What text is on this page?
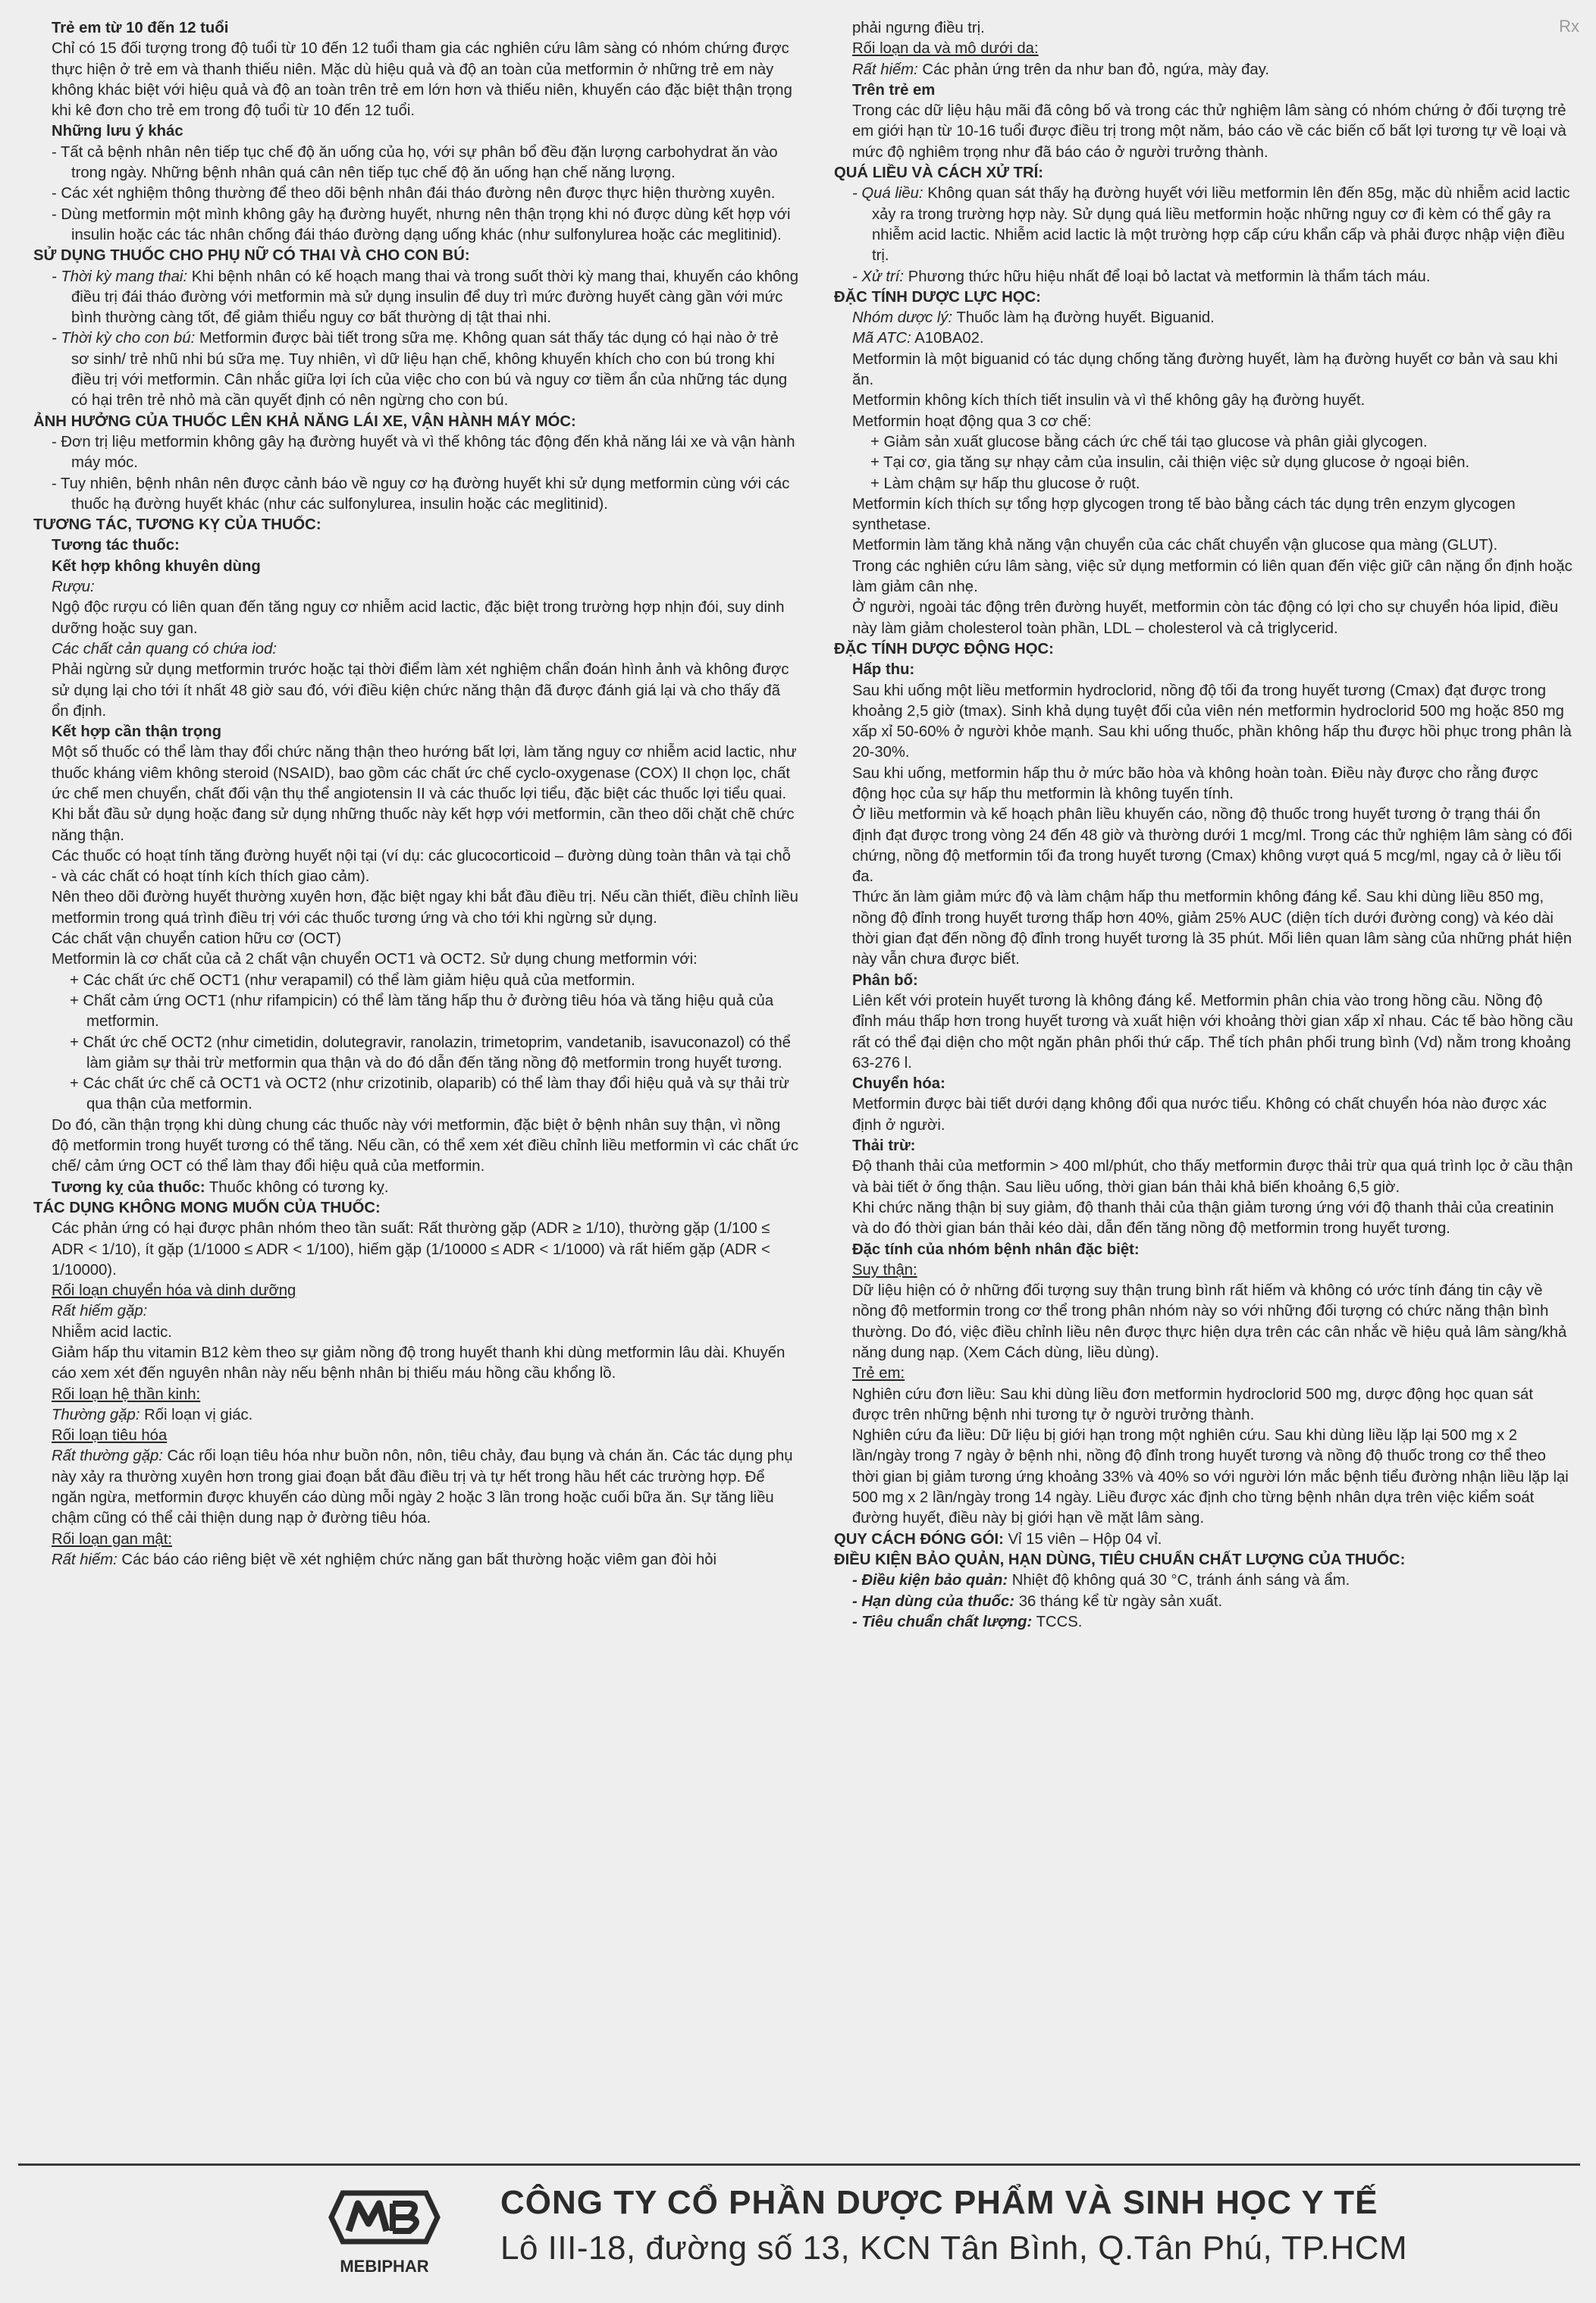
Rx

Trẻ em từ 10 đến 12 tuổi

Chỉ có 15 đối tượng trong độ tuổi từ 10 đến 12 tuổi tham gia các nghiên cứu lâm sàng có nhóm chứng được thực hiện ở trẻ em và thanh thiếu niên. Mặc dù hiệu quả và độ an toàn của metformin ở những trẻ em này không khác biệt với hiệu quả và độ an toàn trên trẻ em lớn hơn và thiếu niên, khuyến cáo đặc biệt thận trọng khi kê đơn cho trẻ em trong độ tuổi từ 10 đến 12 tuổi.

Những lưu ý khác

- Tất cả bệnh nhân nên tiếp tục chế độ ăn uống của họ, với sự phân bổ đều đặn lượng carbohydrat ăn vào trong ngày. Những bệnh nhân quá cân nên tiếp tục chế độ ăn uống hạn chế năng lượng.

- Các xét nghiệm thông thường để theo dõi bệnh nhân đái tháo đường nên được thực hiện thường xuyên.

- Dùng metformin một mình không gây hạ đường huyết, nhưng nên thận trọng khi nó được dùng kết hợp với insulin hoặc các tác nhân chống đái tháo đường dạng uống khác (như sulfonylurea hoặc các meglitinid).

SỬ DỤNG THUỐC CHO PHỤ NỮ CÓ THAI VÀ CHO CON BÚ:

- Thời kỳ mang thai: Khi bệnh nhân có kế hoạch mang thai và trong suốt thời kỳ mang thai, khuyến cáo không điều trị đái tháo đường với metformin mà sử dụng insulin để duy trì mức đường huyết càng gần với mức bình thường càng tốt, để giảm thiểu nguy cơ bất thường dị tật thai nhi.

- Thời kỳ cho con bú: Metformin được bài tiết trong sữa mẹ. Không quan sát thấy tác dụng có hại nào ở trẻ sơ sinh/ trẻ nhũ nhi bú sữa mẹ. Tuy nhiên, vì dữ liệu hạn chế, không khuyến khích cho con bú trong khi điều trị với metformin. Cân nhắc giữa lợi ích của việc cho con bú và nguy cơ tiềm ẩn của những tác dụng có hại trên trẻ nhỏ mà cần quyết định có nên ngừng cho con bú.

ẢNH HƯỞNG CỦA THUỐC LÊN KHẢ NĂNG LÁI XE, VẬN HÀNH MÁY MÓC:

- Đơn trị liệu metformin không gây hạ đường huyết và vì thế không tác động đến khả năng lái xe và vận hành máy móc.

- Tuy nhiên, bệnh nhân nên được cảnh báo về nguy cơ hạ đường huyết khi sử dụng metformin cùng với các thuốc hạ đường huyết khác (như các sulfonylurea, insulin hoặc các meglitinid).

TƯƠNG TÁC, TƯƠNG KỴ CỦA THUỐC:

Tương tác thuốc:

Kết hợp không khuyên dùng

Rượu:

Ngộ độc rượu có liên quan đến tăng nguy cơ nhiễm acid lactic, đặc biệt trong trường hợp nhịn đói, suy dinh dưỡng hoặc suy gan.

Các chất cản quang có chứa iod:

Phải ngừng sử dụng metformin trước hoặc tại thời điểm làm xét nghiệm chẩn đoán hình ảnh và không được sử dụng lại cho tới ít nhất 48 giờ sau đó, với điều kiện chức năng thận đã được đánh giá lại và cho thấy đã ổn định.

Kết hợp cần thận trọng

Một số thuốc có thể làm thay đổi chức năng thận theo hướng bất lợi, làm tăng nguy cơ nhiễm acid lactic, như thuốc kháng viêm không steroid (NSAID), bao gồm các chất ức chế cyclo-oxygenase (COX) II chọn lọc, chất ức chế men chuyển, chất đối vận thụ thể angiotensin II và các thuốc lợi tiểu, đặc biệt các thuốc lợi tiểu quai. Khi bắt đầu sử dụng hoặc đang sử dụng những thuốc này kết hợp với metformin, cần theo dõi chặt chẽ chức năng thận.

Các thuốc có hoạt tính tăng đường huyết nội tại (ví dụ: các glucocorticoid – đường dùng toàn thân và tại chỗ - và các chất có hoạt tính kích thích giao cảm).

Nên theo dõi đường huyết thường xuyên hơn, đặc biệt ngay khi bắt đầu điều trị. Nếu cần thiết, điều chỉnh liều metformin trong quá trình điều trị với các thuốc tương ứng và cho tới khi ngừng sử dụng.

Các chất vận chuyển cation hữu cơ (OCT)

Metformin là cơ chất của cả 2 chất vận chuyển OCT1 và OCT2. Sử dụng chung metformin với:

+ Các chất ức chế OCT1 (như verapamil) có thể làm giảm hiệu quả của metformin.

+ Chất cảm ứng OCT1 (như rifampicin) có thể làm tăng hấp thu ở đường tiêu hóa và tăng hiệu quả của metformin.

+ Chất ức chế OCT2 (như cimetidin, dolutegravir, ranolazin, trimetoprim, vandetanib, isavuconazol) có thể làm giảm sự thải trừ metformin qua thận và do đó dẫn đến tăng nồng độ metformin trong huyết tương.

+ Các chất ức chế cả OCT1 và OCT2 (như crizotinib, olaparib) có thể làm thay đổi hiệu quả và sự thải trừ qua thận của metformin.

Do đó, cần thận trọng khi dùng chung các thuốc này với metformin, đặc biệt ở bệnh nhân suy thận, vì nồng độ metformin trong huyết tương có thể tăng. Nếu cần, có thể xem xét điều chỉnh liều metformin vì các chất ức chế/ cảm ứng OCT có thể làm thay đổi hiệu quả của metformin.

Tương kỵ của thuốc: Thuốc không có tương kỵ.

TÁC DỤNG KHÔNG MONG MUỐN CỦA THUỐC:

Các phản ứng có hại được phân nhóm theo tần suất: Rất thường gặp (ADR ≥ 1/10), thường gặp (1/100 ≤ ADR < 1/10), ít gặp (1/1000 ≤ ADR < 1/100), hiếm gặp (1/10000 ≤ ADR < 1/1000) và rất hiếm gặp (ADR < 1/10000).

Rối loạn chuyển hóa và dinh dưỡng

Rất hiếm gặp:

Nhiễm acid lactic.

Giảm hấp thu vitamin B12 kèm theo sự giảm nồng độ trong huyết thanh khi dùng metformin lâu dài. Khuyến cáo xem xét đến nguyên nhân này nếu bệnh nhân bị thiếu máu hồng cầu khổng lồ.

Rối loạn hệ thần kinh:

Thường gặp: Rối loạn vị giác.

Rối loạn tiêu hóa

Rất thường gặp: Các rối loạn tiêu hóa như buồn nôn, nôn, tiêu chảy, đau bụng và chán ăn. Các tác dụng phụ này xảy ra thường xuyên hơn trong giai đoạn bắt đầu điều trị và tự hết trong hầu hết các trường hợp. Để ngăn ngừa, metformin được khuyến cáo dùng mỗi ngày 2 hoặc 3 lần trong hoặc cuối bữa ăn. Sự tăng liều chậm cũng có thể cải thiện dung nạp ở đường tiêu hóa.

Rối loạn gan mật:

Rất hiếm: Các báo cáo riêng biệt về xét nghiệm chức năng gan bất thường hoặc viêm gan đòi hỏi

phải ngưng điều trị.

Rối loạn da và mô dưới da:

Rất hiếm: Các phản ứng trên da như ban đỏ, ngứa, mày đay.

Trên trẻ em

Trong các dữ liệu hậu mãi đã công bố và trong các thử nghiệm lâm sàng có nhóm chứng ở đối tượng trẻ em giới hạn từ 10-16 tuổi được điều trị trong một năm, báo cáo về các biến cố bất lợi tương tự về loại và mức độ nghiêm trọng như đã báo cáo ở người trưởng thành.

QUÁ LIỀU VÀ CÁCH XỬ TRÍ:

- Quá liều: Không quan sát thấy hạ đường huyết với liều metformin lên đến 85g, mặc dù nhiễm acid lactic xảy ra trong trường hợp này. Sử dụng quá liều metformin hoặc những nguy cơ đi kèm có thể gây ra nhiễm acid lactic. Nhiễm acid lactic là một trường hợp cấp cứu khẩn cấp và phải được nhập viện điều trị.

- Xử trí: Phương thức hữu hiệu nhất để loại bỏ lactat và metformin là thẩm tách máu.

ĐẶC TÍNH DƯỢC LỰC HỌC:

Nhóm dược lý: Thuốc làm hạ đường huyết. Biguanid.

Mã ATC: A10BA02.

Metformin là một biguanid có tác dụng chống tăng đường huyết, làm hạ đường huyết cơ bản và sau khi ăn.

Metformin không kích thích tiết insulin và vì thế không gây hạ đường huyết.

Metformin hoạt động qua 3 cơ chế:

+ Giảm sản xuất glucose bằng cách ức chế tái tạo glucose và phân giải glycogen.

+ Tại cơ, gia tăng sự nhạy cảm của insulin, cải thiện việc sử dụng glucose ở ngoại biên.

+ Làm chậm sự hấp thu glucose ở ruột.

Metformin kích thích sự tổng hợp glycogen trong tế bào bằng cách tác dụng trên enzym glycogen synthetase.

Metformin làm tăng khả năng vận chuyển của các chất chuyển vận glucose qua màng (GLUT).

Trong các nghiên cứu lâm sàng, việc sử dụng metformin có liên quan đến việc giữ cân nặng ổn định hoặc làm giảm cân nhẹ.

Ở người, ngoài tác động trên đường huyết, metformin còn tác động có lợi cho sự chuyển hóa lipid, điều này làm giảm cholesterol toàn phần, LDL – cholesterol và cả triglycerid.

ĐẶC TÍNH DƯỢC ĐỘNG HỌC:

Hấp thu:

Sau khi uống một liều metformin hydroclorid, nồng độ tối đa trong huyết tương (Cmax) đạt được trong khoảng 2,5 giờ (tmax). Sinh khả dụng tuyệt đối của viên nén metformin hydroclorid 500 mg hoặc 850 mg xấp xỉ 50-60% ở người khỏe mạnh. Sau khi uống thuốc, phần không hấp thu được hồi phục trong phân là 20-30%.

Sau khi uống, metformin hấp thu ở mức bão hòa và không hoàn toàn. Điều này được cho rằng được động học của sự hấp thu metformin là không tuyến tính.

Ở liều metformin và kế hoạch phân liều khuyến cáo, nồng độ thuốc trong huyết tương ở trạng thái ổn định đạt được trong vòng 24 đến 48 giờ và thường dưới 1 mcg/ml. Trong các thử nghiệm lâm sàng có đối chứng, nồng độ metformin tối đa trong huyết tương (Cmax) không vượt quá 5 mcg/ml, ngay cả ở liều tối đa.

Thức ăn làm giảm mức độ và làm chậm hấp thu metformin không đáng kể. Sau khi dùng liều 850 mg, nồng độ đỉnh trong huyết tương thấp hơn 40%, giảm 25% AUC (diện tích dưới đường cong) và kéo dài thời gian đạt đến nồng độ đỉnh trong huyết tương là 35 phút. Mối liên quan lâm sàng của những phát hiện này vẫn chưa được biết.

Phân bố:

Liên kết với protein huyết tương là không đáng kể. Metformin phân chia vào trong hồng cầu. Nồng độ đỉnh máu thấp hơn trong huyết tương và xuất hiện với khoảng thời gian xấp xỉ nhau. Các tế bào hồng cầu rất có thể đại diện cho một ngăn phân phối thứ cấp. Thể tích phân phối trung bình (Vd) nằm trong khoảng 63-276 l.

Chuyển hóa:

Metformin được bài tiết dưới dạng không đổi qua nước tiểu. Không có chất chuyển hóa nào được xác định ở người.

Thải trừ:

Độ thanh thải của metformin > 400 ml/phút, cho thấy metformin được thải trừ qua quá trình lọc ở cầu thận và bài tiết ở ống thận. Sau liều uống, thời gian bán thải khả biến khoảng 6,5 giờ.

Khi chức năng thận bị suy giảm, độ thanh thải của thận giảm tương ứng với độ thanh thải của creatinin và do đó thời gian bán thải kéo dài, dẫn đến tăng nồng độ metformin trong huyết tương.

Đặc tính của nhóm bệnh nhân đặc biệt:

Suy thận:

Dữ liệu hiện có ở những đối tượng suy thận trung bình rất hiếm và không có ước tính đáng tin cậy về nồng độ metformin trong cơ thể trong phân nhóm này so với những đối tượng có chức năng thận bình thường. Do đó, việc điều chỉnh liều nên được thực hiện dựa trên các cân nhắc về hiệu quả lâm sàng/khả năng dung nạp. (Xem Cách dùng, liều dùng).

Trẻ em:

Nghiên cứu đơn liều: Sau khi dùng liều đơn metformin hydroclorid 500 mg, dược động học quan sát được trên những bệnh nhi tương tự ở người trưởng thành.

Nghiên cứu đa liều: Dữ liệu bị giới hạn trong một nghiên cứu. Sau khi dùng liều lặp lại 500 mg x 2 lần/ngày trong 7 ngày ở bệnh nhi, nồng độ đỉnh trong huyết tương và nồng độ thuốc trong cơ thể theo thời gian bị giảm tương ứng khoảng 33% và 40% so với người lớn mắc bệnh tiểu đường nhận liều lặp lại 500 mg x 2 lần/ngày trong 14 ngày. Liều được xác định cho từng bệnh nhân dựa trên việc kiểm soát đường huyết, điều này bị giới hạn về mặt lâm sàng.

QUY CÁCH ĐÓNG GÓI: Vỉ 15 viên – Hộp 04 vỉ.

ĐIỀU KIỆN BẢO QUẢN, HẠN DÙNG, TIÊU CHUẨN CHẤT LƯỢNG CỦA THUỐC:

- Điều kiện bảo quản: Nhiệt độ không quá 30 °C, tránh ánh sáng và ẩm.

- Hạn dùng của thuốc: 36 tháng kể từ ngày sản xuất.

- Tiêu chuẩn chất lượng: TCCS.

MEBIPHAR
CÔNG TY CỔ PHẦN DƯỢC PHẨM VÀ SINH HỌC Y TẾ
Lô III-18, đường số 13, KCN Tân Bình, Q.Tân Phú, TP.HCM
